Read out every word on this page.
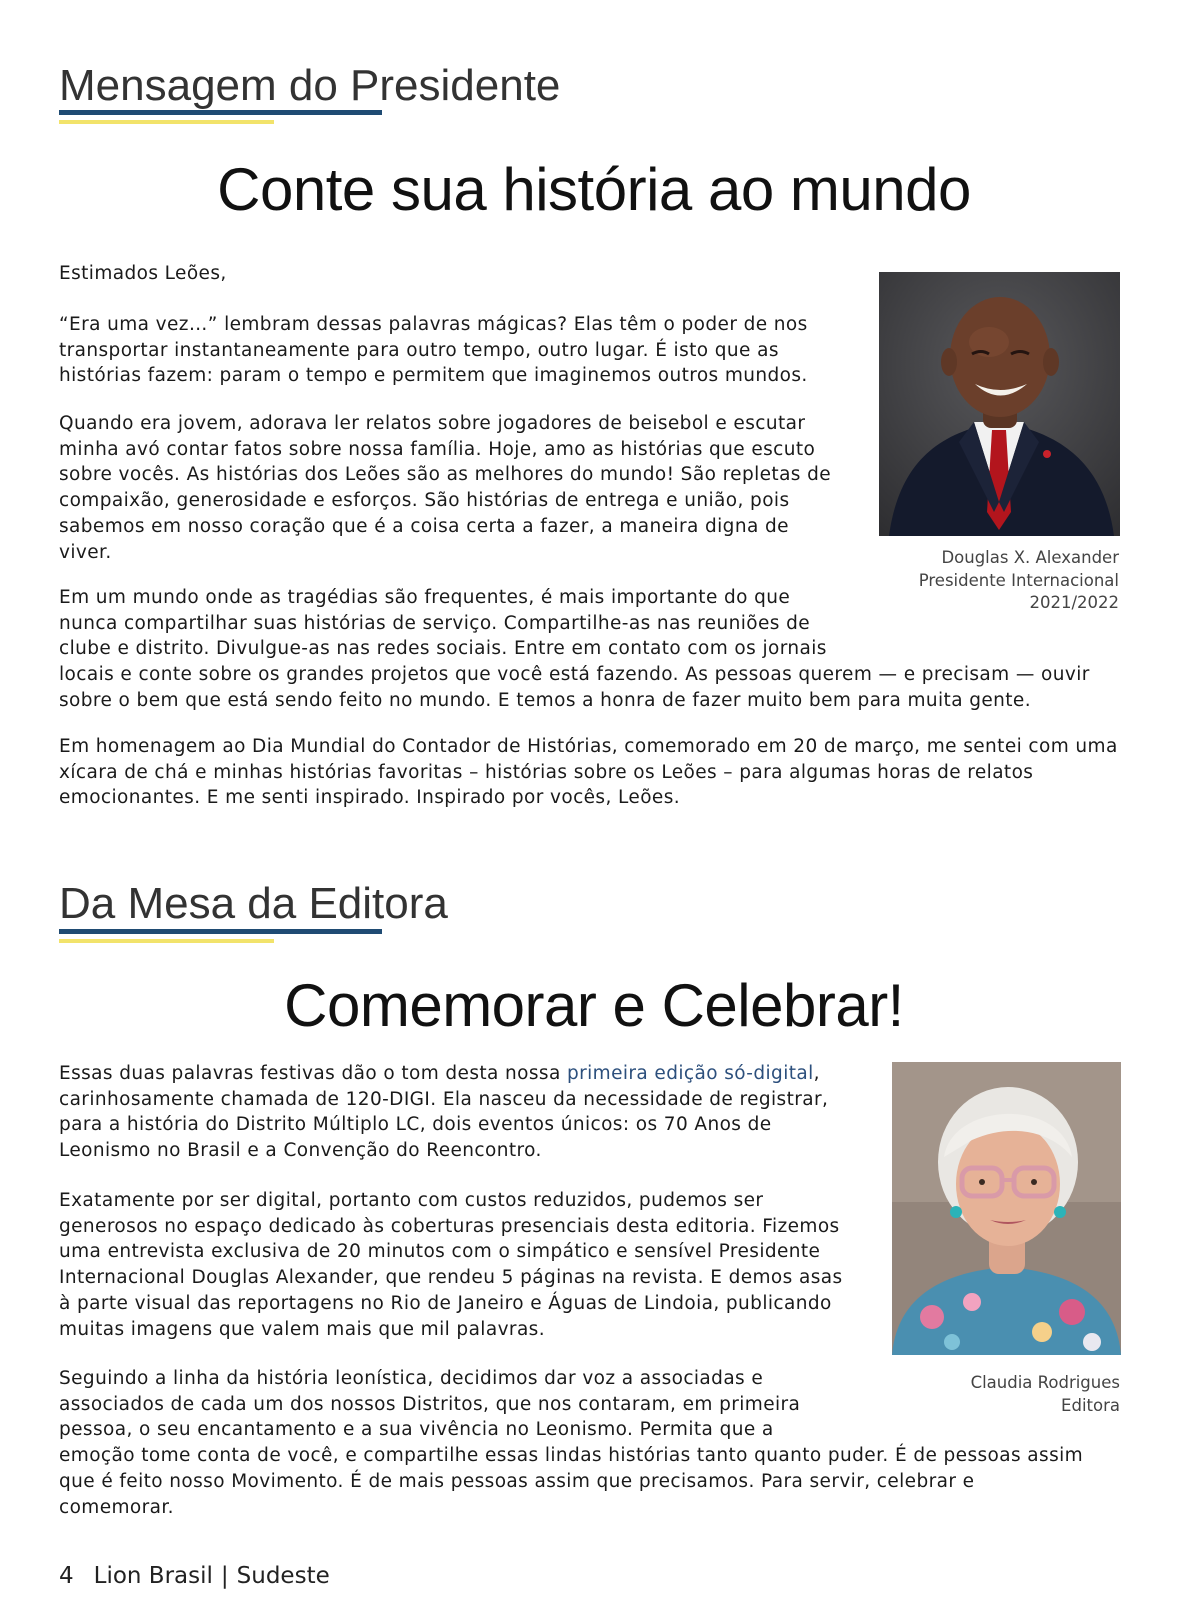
Mensagem do Presidente
Conte sua história ao mundo
Estimados Leões,
“Era uma vez…” lembram dessas palavras mágicas? Elas têm o poder de nos transportar instantaneamente para outro tempo, outro lugar. É isto que as histórias fazem: param o tempo e permitem que imaginemos outros mundos.
Quando era jovem, adorava ler relatos sobre jogadores de beisebol e escutar minha avó contar fatos sobre nossa família. Hoje, amo as histórias que escuto sobre vocês. As histórias dos Leões são as melhores do mundo! São repletas de compaixão, generosidade e esforços. São histórias de entrega e união, pois sabemos em nosso coração que é a coisa certa a fazer, a maneira digna de viver.

Em um mundo onde as tragédias são frequentes, é mais importante do que nunca compartilhar suas histórias de serviço. Compartilhe-as nas reuniões de clube e distrito. Divulgue-as nas redes sociais. Entre em contato com os jornais locais e conte sobre os grandes projetos que você está fazendo. As pessoas querem — e precisam — ouvir sobre o bem que está sendo feito no mundo. E temos a honra de fazer muito bem para muita gente.

Em homenagem ao Dia Mundial do Contador de Histórias, comemorado em 20 de março, me sentei com uma xícara de chá e minhas histórias favoritas – histórias sobre os Leões – para algumas horas de relatos emocionantes. E me senti inspirado. Inspirado por vocês, Leões.
Douglas X. Alexander
Presidente Internacional
2021/2022
Da Mesa da Editora
Comemorar e Celebrar!

Essas duas palavras festivas dão o tom desta nossa primeira edição só-digital, carinhosamente chamada de 120-DIGI. Ela nasceu da necessidade de registrar, para a história do Distrito Múltiplo LC, dois eventos únicos: os 70 Anos de Leonismo no Brasil e a Convenção do Reencontro.

Exatamente por ser digital, portanto com custos reduzidos, pudemos ser generosos no espaço dedicado às coberturas presenciais desta editoria. Fizemos uma entrevista exclusiva de 20 minutos com o simpático e sensível Presidente Internacional Douglas Alexander, que rendeu 5 páginas na revista. E demos asas à parte visual das reportagens no Rio de Janeiro e Águas de Lindoia, publicando muitas imagens que valem mais que mil palavras.

Seguindo a linha da história leonística, decidimos dar voz a associadas e associados de cada um dos nossos Distritos, que nos contaram, em primeira pessoa, o seu encantamento e a sua vivência no Leonismo. Permita que a emoção tome conta de você, e compartilhe essas lindas histórias tanto quanto puder. É de pessoas assim que é feito nosso Movimento. É de mais pessoas assim que precisamos. Para servir, celebrar e comemorar.

Claudia Rodrigues
Editora
4 Lion Brasil | Sudeste
